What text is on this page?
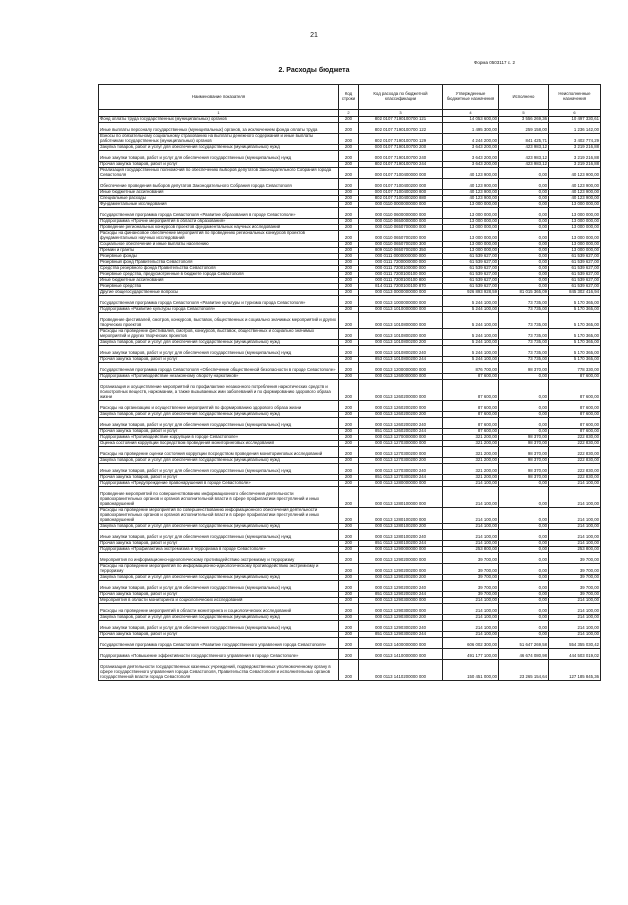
21
Форма 0503117 с. 2
2. Расходы бюджета
Наименование показателя	Код строки	Код расхода по бюджетной классификации	Утвержденные бюджетные назначения	Исполнено	Неисполненные назначения
1	2	3	4	5	6
Фонд оплаты труда государственных (муниципальных) органов	200	802 0107 7190100700 121	14 053 600,00	3 556 269,36	10 497 330,61
Иные выплаты персоналу государственных (муниципальных) органов, за исключением фонда оплаты труда	200	802 0107 7190100700 122	1 495 300,00	259 158,00	1 236 142,00
Взносы по обязательному социальному страхованию на выплаты денежного содержания и иные выплаты работникам государственных (муниципальных) органов	200	802 0107 7190100700 129	4 244 200,00	841 425,71	3 402 774,29
Закупка товаров, работ и услуг для обеспечения государственных (муниципальных) нужд	200	000 0107 7190100700 200	3 643 200,00	423 983,12	3 219 216,88
Иные закупки товаров, работ и услуг для обеспечения государственных (муниципальных) нужд	200	000 0107 7190100700 240	3 643 200,00	423 983,12	3 219 216,88
Прочая закупка товаров, работ и услуг	200	802 0107 7190100700 244	3 643 200,00	423 983,12	3 219 216,88
Реализация государственных полномочий по обеспечению выборов депутатов Законодательного Собрания города Севастополя	200	000 0107 7100400000 000	40 123 900,00	0,00	40 123 900,00
Обеспечение проведения выборов депутатов Законодательного Собрания города Севастополя	200	000 0107 7100400200 000	40 123 900,00	0,00	40 123 900,00
Иные бюджетные ассигнования	200	000 0107 7100400200 800	40 123 900,00	0,00	40 123 900,00
Специальные расходы	200	802 0107 7100400200 880	40 123 900,00	0,00	40 123 900,00
Фундаментальные исследования	200	000 0110 0000000000 000	13 000 000,00	0,00	13 000 000,00
Государственная программа города Севастополя «Развитие образования в городе Севастополе»	200	000 0110 0600000000 000	13 000 000,00	0,00	13 000 000,00
Подпрограмма «Прочие мероприятия в области образования»	200	000 0110 0650000000 000	13 000 000,00	0,00	13 000 000,00
Проведение региональных конкурсов проектов фундаментальных научных исследований	200	000 0110 0650700000 000	13 000 000,00	0,00	13 000 000,00
Расходы на финансовое обеспечение мероприятий по проведению региональных конкурсов проектов фундаментальных научных исследований	200	000 0110 0650700200 000	13 000 000,00	0,00	13 000 000,00
Социальное обеспечение и иные выплаты населению	200	000 0110 0650700200 300	13 000 000,00	0,00	13 000 000,00
Премии и гранты	200	809 0110 0650700200 350	13 000 000,00	0,00	13 000 000,00
Резервные фонды	200	000 0111 0000000000 000	61 539 627,00	0,00	61 539 627,00
Резервный фонд Правительства Севастополя	200	000 0111 7200000000 000	61 539 627,00	0,00	61 539 627,00
Средства резервного фонда Правительства Севастополя	200	000 0111 7200100000 000	61 539 627,00	0,00	61 539 627,00
Резервные средства, предусмотренные в бюджете города Севастополя	200	000 0111 7200100100 000	61 539 627,00	0,00	61 539 627,00
Иные бюджетные ассигнования	200	000 0111 7200100100 800	61 539 627,00	0,00	61 539 627,00
Резервные средства	200	814 0111 7200100100 870	61 539 627,00	0,00	61 539 627,00
Другие общегосударственные вопросы	200	000 0113 0000000000 000	926 893 928,59	81 015 365,09	845 302 416,94
Государственная программа города Севастополя «Развитие культуры и туризма города Севастополя»	200	000 0113 1000000000 000	5 244 100,00	73 735,00	5 170 365,00
Подпрограмма «Развитие культуры города Севастополя»	200	000 0113 1010000000 000	5 244 100,00	73 735,00	5 170 365,00
Проведение фестивалей, смотров, конкурсов, выставок, общественных и социально значимых мероприятий и других творческих проектов	200	000 0113 1010800000 000	5 244 100,00	73 735,00	5 170 365,00
Расходы на проведение фестивалей, смотров, конкурсов, выставок, общественных и социально значимых мероприятий и других творческих проектов	200	000 0113 1010800200 000	5 244 100,00	73 735,00	5 170 365,00
Закупка товаров, работ и услуг для обеспечения государственных (муниципальных) нужд	200	000 0113 1010800200 200	5 244 100,00	73 735,00	5 170 365,00
Иные закупки товаров, работ и услуг для обеспечения государственных (муниципальных) нужд	200	000 0113 1010800200 240	5 244 100,00	73 735,00	5 170 365,00
Прочая закупка товаров, работ и услуг	200	853 0113 1010800200 244	5 244 100,00	73 735,00	5 170 365,00
Государственная программа города Севастополя «Обеспечение общественной безопасности в городе Севастополе»	200	000 0113 1200000000 000	876 700,00	98 370,00	778 330,00
Подпрограмма «Противодействие незаконному обороту наркотиков»	200	000 0113 1260000000 000	87 600,00	0,00	87 600,00
Организация и осуществление мероприятий по профилактике незаконного потребления наркотических средств и психотропных веществ, наркомании, а также вызываемых ими заболеваний и по формированию здорового образа жизни	200	000 0113 1260200000 000	87 600,00	0,00	87 600,00
Расходы на организацию и осуществление мероприятий по формированию здорового образа жизни	200	000 0113 1260200200 000	87 600,00	0,00	87 600,00
Закупка товаров, работ и услуг для обеспечения государственных (муниципальных) нужд	200	000 0113 1260200200 200	87 600,00	0,00	87 600,00
Иные закупки товаров, работ и услуг для обеспечения государственных (муниципальных) нужд	200	000 0113 1260200200 240	87 600,00	0,00	87 600,00
Прочая закупка товаров, работ и услуг	200	851 0113 1260200200 244	87 600,00	0,00	87 600,00
Подпрограмма «Противодействие коррупции в городе Севастополе»	200	000 0113 1270000000 000	321 200,00	98 370,00	222 830,00
Оценка состояния коррупции посредством проведения мониторинговых исследований	200	000 0113 1270300000 000	321 200,00	98 370,00	222 830,00
Расходы на проведение оценки состояния коррупции посредством проведения мониторинговых исследований	200	000 0113 1270300200 000	321 200,00	98 370,00	222 830,00
Закупка товаров, работ и услуг для обеспечения государственных (муниципальных) нужд	200	000 0113 1270300200 200	321 200,00	98 370,00	222 830,00
Иные закупки товаров, работ и услуг для обеспечения государственных (муниципальных) нужд	200	000 0113 1270300200 240	321 200,00	98 370,00	222 830,00
Прочая закупка товаров, работ и услуг	200	851 0113 1270300200 244	321 200,00	98 370,00	222 830,00
Подпрограмма «Предупреждение правонарушений в городе Севастополе»	200	000 0113 1280000000 000	214 100,00	0,00	214 100,00
Проведение мероприятий по совершенствованию информационного обеспечения деятельности правоохранительных органов и органов исполнительной власти в сфере профилактики преступлений и иных правонарушений	200	000 0113 1280100000 000	214 100,00	0,00	214 100,00
Расходы на проведение мероприятий по совершенствованию информационного обеспечения деятельности правоохранительных органов и органов исполнительной власти в сфере профилактики преступлений и иных правонарушений	200	000 0113 1280100200 000	214 100,00	0,00	214 100,00
Закупка товаров, работ и услуг для обеспечения государственных (муниципальных) нужд	200	000 0113 1280100200 200	214 100,00	0,00	214 100,00
Иные закупки товаров, работ и услуг для обеспечения государственных (муниципальных) нужд	200	000 0113 1280100200 240	214 100,00	0,00	214 100,00
Прочая закупка товаров, работ и услуг	200	851 0113 1280100200 244	214 100,00	0,00	214 100,00
Подпрограмма «Профилактика экстремизма и терроризма в городе Севастополе»	200	000 0113 1290000000 000	253 800,00	0,00	253 800,00
Мероприятия по информационно-идеологическому противодействию экстремизму и терроризму	200	000 0113 1290200000 000	39 700,00	0,00	39 700,00
Расходы на проведение мероприятий по информационно-идеологическому противодействию экстремизму и терроризму	200	000 0113 1290200200 000	39 700,00	0,00	39 700,00
Закупка товаров, работ и услуг для обеспечения государственных (муниципальных) нужд	200	000 0113 1290200200 200	39 700,00	0,00	39 700,00
Иные закупки товаров, работ и услуг для обеспечения государственных (муниципальных) нужд	200	000 0113 1290200200 240	39 700,00	0,00	39 700,00
Прочая закупка товаров, работ и услуг	200	851 0113 1290200200 244	39 700,00	0,00	39 700,00
Мероприятия в области мониторинга и социологических исследований	200	000 0113 1290300000 000	214 100,00	0,00	214 100,00
Расходы на проведение мероприятий в области мониторинга и социологических исследований	200	000 0113 1290300200 000	214 100,00	0,00	214 100,00
Закупка товаров, работ и услуг для обеспечения государственных (муниципальных) нужд	200	000 0113 1290300200 200	214 100,00	0,00	214 100,00
Иные закупки товаров, работ и услуг для обеспечения государственных (муниципальных) нужд	200	000 0113 1290300200 240	214 100,00	0,00	214 100,00
Прочая закупка товаров, работ и услуг	200	851 0113 1290300200 244	214 100,00	0,00	214 100,00
Государственная программа города Севастополя «Развитие государственного управления города Севастополя»	200	000 0113 1400000000 000	606 002 300,00	51 647 269,58	554 355 030,42
Подпрограмма «Повышение эффективности государственного управления в городе Севастополе»	200	000 0113 1410000000 000	491 177 100,00	46 674 080,98	444 503 019,02
Организация деятельности государственных казенных учреждений, подведомственных уполномоченному органу в сфере государственного управления города Севастополя, Правительства Севастополя и исполнительных органов государственной власти города Севастополя	200	000 0113 1410200000 000	150 451 000,00	23 265 154,64	127 185 845,36
